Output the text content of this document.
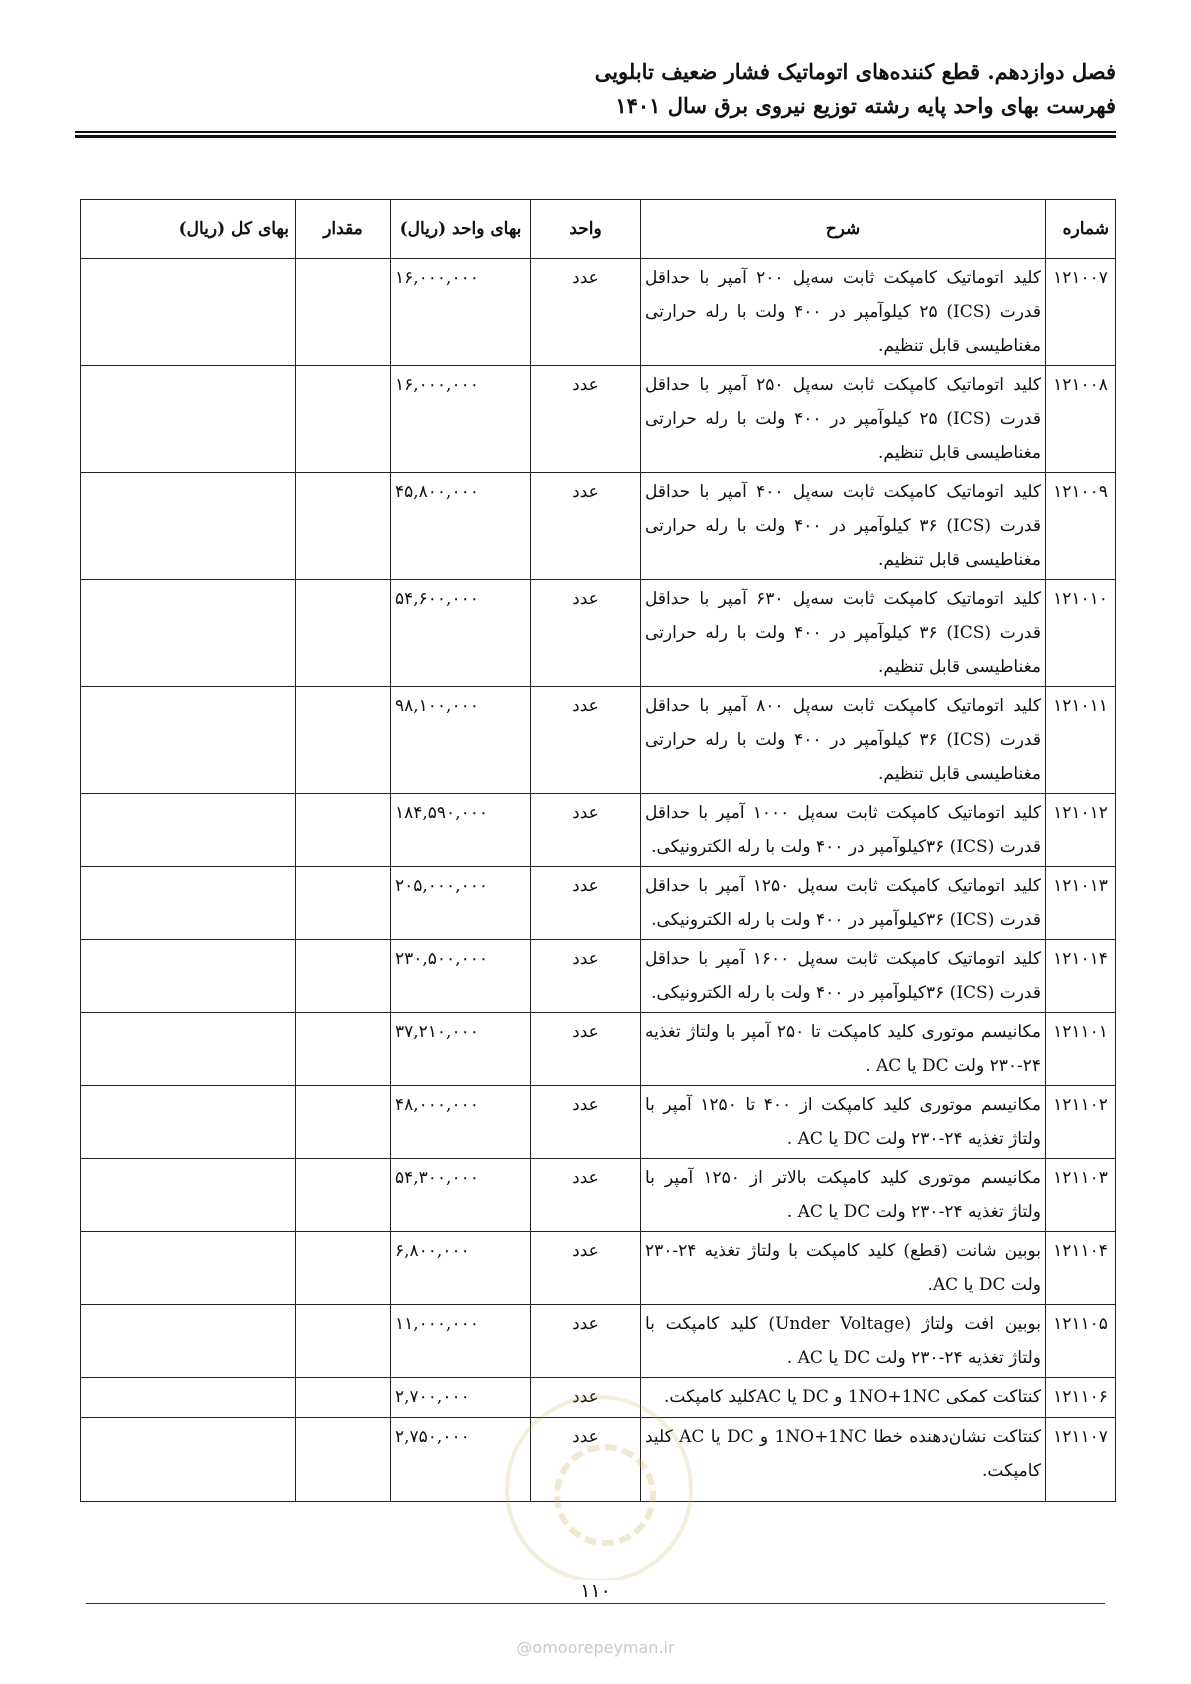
فصل دوازدهم. قطع کننده‌های اتوماتیک فشار ضعیف تابلویی
فهرست بهای واحد پایه رشته توزیع نیروی برق سال ۱۴۰۱
شماره	شرح	واحد	بهای واحد (ریال)	مقدار	بهای کل (ریال)
۱۲۱۰۰۷	کلید اتوماتیک کامپکت ثابت سه‌پل ۲۰۰ آمپر با حداقل قدرت (ICS) ۲۵ کیلوآمپر در ۴۰۰ ولت با رله حرارتی مغناطیسی قابل تنظیم.	عدد	۱۶,۰۰۰,۰۰۰		
۱۲۱۰۰۸	کلید اتوماتیک کامپکت ثابت سه‌پل ۲۵۰ آمپر با حداقل قدرت (ICS) ۲۵ کیلوآمپر در ۴۰۰ ولت با رله حرارتی مغناطیسی قابل تنظیم.	عدد	۱۶,۰۰۰,۰۰۰		
۱۲۱۰۰۹	کلید اتوماتیک کامپکت ثابت سه‌پل ۴۰۰ آمپر با حداقل قدرت (ICS) ۳۶ کیلوآمپر در ۴۰۰ ولت با رله حرارتی مغناطیسی قابل تنظیم.	عدد	۴۵,۸۰۰,۰۰۰		
۱۲۱۰۱۰	کلید اتوماتیک کامپکت ثابت سه‌پل ۶۳۰ آمپر با حداقل قدرت (ICS) ۳۶ کیلوآمپر در ۴۰۰ ولت با رله حرارتی مغناطیسی قابل تنظیم.	عدد	۵۴,۶۰۰,۰۰۰		
۱۲۱۰۱۱	کلید اتوماتیک کامپکت ثابت سه‌پل ۸۰۰ آمپر با حداقل قدرت (ICS) ۳۶ کیلوآمپر در ۴۰۰ ولت با رله حرارتی مغناطیسی قابل تنظیم.	عدد	۹۸,۱۰۰,۰۰۰		
۱۲۱۰۱۲	کلید اتوماتیک کامپکت ثابت سه‌پل ۱۰۰۰ آمپر با حداقل قدرت (ICS) ۳۶کیلوآمپر در ۴۰۰ ولت با رله الکترونیکی.	عدد	۱۸۴,۵۹۰,۰۰۰		
۱۲۱۰۱۳	کلید اتوماتیک کامپکت ثابت سه‌پل ۱۲۵۰ آمپر با حداقل قدرت (ICS) ۳۶کیلوآمپر در ۴۰۰ ولت با رله الکترونیکی.	عدد	۲۰۵,۰۰۰,۰۰۰		
۱۲۱۰۱۴	کلید اتوماتیک کامپکت ثابت سه‌پل ۱۶۰۰ آمپر با حداقل قدرت (ICS) ۳۶کیلوآمپر در ۴۰۰ ولت با رله الکترونیکی.	عدد	۲۳۰,۵۰۰,۰۰۰		
۱۲۱۱۰۱	مکانیسم موتوری کلید کامپکت تا ۲۵۰ آمپر با ولتاژ تغذیه ۲۴-۲۳۰ ولت DC یا AC .	عدد	۳۷,۲۱۰,۰۰۰		
۱۲۱۱۰۲	مکانیسم موتوری کلید کامپکت از ۴۰۰ تا ۱۲۵۰ آمپر با ولتاژ تغذیه ۲۴-۲۳۰ ولت DC یا AC .	عدد	۴۸,۰۰۰,۰۰۰		
۱۲۱۱۰۳	مکانیسم موتوری کلید کامپکت بالاتر از ۱۲۵۰ آمپر با ولتاژ تغذیه ۲۴-۲۳۰ ولت DC یا AC .	عدد	۵۴,۳۰۰,۰۰۰		
۱۲۱۱۰۴	بوبین شانت (قطع) کلید کامپکت با ولتاژ تغذیه ۲۴-۲۳۰ ولت DC یا AC.	عدد	۶,۸۰۰,۰۰۰		
۱۲۱۱۰۵	بوبین افت ولتاژ (Under Voltage) کلید کامپکت با ولتاژ تغذیه ۲۴-۲۳۰ ولت DC یا AC .	عدد	۱۱,۰۰۰,۰۰۰		
۱۲۱۱۰۶	کنتاکت کمکی 1NO+1NC و DC یا ACکلید کامپکت.	عدد	۲,۷۰۰,۰۰۰		
۱۲۱۱۰۷	کنتاکت نشان‌دهنده خطا 1NO+1NC و DC یا AC کلید کامپکت.	عدد	۲,۷۵۰,۰۰۰		
۱۱۰
@omoorepeyman.ir
